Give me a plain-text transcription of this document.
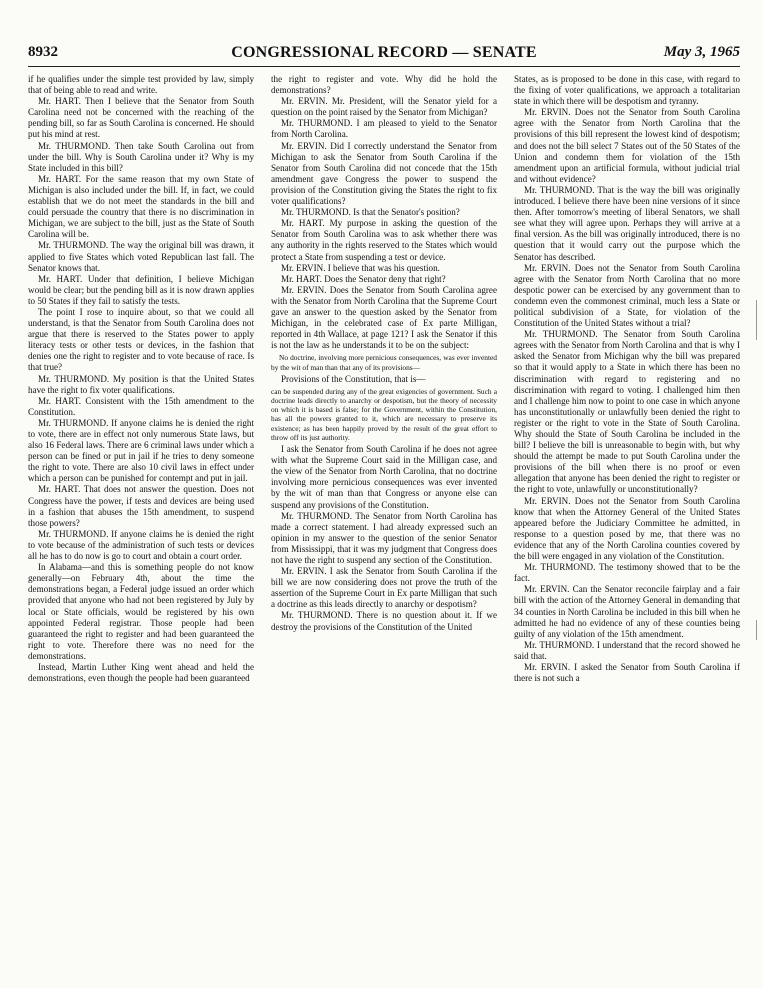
8932	CONGRESSIONAL RECORD — SENATE	May 3, 1965

if he qualifies under the simple test provided by law, simply that of being able to read and write.

Mr. HART. Then I believe that the Senator from South Carolina need not be concerned with the reaching of the pending bill, so far as South Carolina is concerned. He should put his mind at rest.

Mr. THURMOND. Then take South Carolina out from under the bill. Why is South Carolina under it? Why is my State included in this bill?

Mr. HART. For the same reason that my own State of Michigan is also included under the bill. If, in fact, we could establish that we do not meet the standards in the bill and could persuade the country that there is no discrimination in Michigan, we are subject to the bill, just as the State of South Carolina will be.

Mr. THURMOND. The way the original bill was drawn, it applied to five States which voted Republican last fall. The Senator knows that.

Mr. HART. Under that definition, I believe Michigan would be clear; but the pending bill as it is now drawn applies to 50 States if they fail to satisfy the tests.

The point I rose to inquire about, so that we could all understand, is that the Senator from South Carolina does not argue that there is reserved to the States power to apply literacy tests or other tests or devices, in the fashion that denies one the right to register and to vote because of race. Is that true?

Mr. THURMOND. My position is that the United States have the right to fix voter qualifications.

Mr. HART. Consistent with the 15th amendment to the Constitution.

Mr. THURMOND. If anyone claims he is denied the right to vote, there are in effect not only numerous State laws, but also 16 Federal laws. There are 6 criminal laws under which a person can be fined or put in jail if he tries to deny someone the right to vote. There are also 10 civil laws in effect under which a person can be punished for contempt and put in jail.

Mr. HART. That does not answer the question. Does not Congress have the power, if tests and devices are being used in a fashion that abuses the 15th amendment, to suspend those powers?

Mr. THURMOND. If anyone claims he is denied the right to vote because of the administration of such tests or devices all he has to do now is go to court and obtain a court order.

In Alabama—and this is something people do not know generally—on February 4th, about the time the demonstrations began, a Federal judge issued an order which provided that anyone who had not been registered by July by local or State officials, would be registered by his own appointed Federal registrar. Those people had been guaranteed the right to register and had been guaranteed the right to vote. Therefore there was no need for the demonstrations.

Instead, Martin Luther King went ahead and held the demonstrations, even though the people had been guaranteed

the right to register and vote. Why did he hold the demonstrations?

Mr. ERVIN. Mr. President, will the Senator yield for a question on the point raised by the Senator from Michigan?

Mr. THURMOND. I am pleased to yield to the Senator from North Carolina.

Mr. ERVIN. Did I correctly understand the Senator from Michigan to ask the Senator from South Carolina if the Senator from South Carolina did not concede that the 15th amendment gave Congress the power to suspend the provision of the Constitution giving the States the right to fix voter qualifications?

Mr. THURMOND. Is that the Senator's position?

Mr. HART. My purpose in asking the question of the Senator from South Carolina was to ask whether there was any authority in the rights reserved to the States which would protect a State from suspending a test or device.

Mr. ERVIN. I believe that was his question.

Mr. HART. Does the Senator deny that right?

Mr. ERVIN. Does the Senator from South Carolina agree with the Senator from North Carolina that the Supreme Court gave an answer to the question asked by the Senator from Michigan, in the celebrated case of Ex parte Milligan, reported in 4th Wallace, at page 121? I ask the Senator if this is not the law as he understands it to be on the subject:

No doctrine, involving more pernicious consequences, was ever invented by the wit of man than that any of its provisions—

Provisions of the Constitution, that is—

can be suspended during any of the great exigencies of government. Such a doctrine leads directly to anarchy or despotism, but the theory of necessity on which it is based is false; for the Government, within the Constitution, has all the powers granted to it, which are necessary to preserve its existence; as has been happily proved by the result of the great effort to throw off its just authority.

I ask the Senator from South Carolina if he does not agree with what the Supreme Court said in the Milligan case, and the view of the Senator from North Carolina, that no doctrine involving more pernicious consequences was ever invented by the wit of man than that Congress or anyone else can suspend any provisions of the Constitution.

Mr. THURMOND. The Senator from North Carolina has made a correct statement. I had already expressed such an opinion in my answer to the question of the senior Senator from Mississippi, that it was my judgment that Congress does not have the right to suspend any section of the Constitution.

Mr. ERVIN. I ask the Senator from South Carolina if the bill we are now considering does not prove the truth of the assertion of the Supreme Court in Ex parte Milligan that such a doctrine as this leads directly to anarchy or despotism?

Mr. THURMOND. There is no question about it. If we destroy the provisions of the Constitution of the United

States, as is proposed to be done in this case, with regard to the fixing of voter qualifications, we approach a totalitarian state in which there will be despotism and tyranny.

Mr. ERVIN. Does not the Senator from South Carolina agree with the Senator from North Carolina that the provisions of this bill represent the lowest kind of despotism; and does not the bill select 7 States out of the 50 States of the Union and condemn them for violation of the 15th amendment upon an artificial formula, without judicial trial and without evidence?

Mr. THURMOND. That is the way the bill was originally introduced. I believe there have been nine versions of it since then. After tomorrow's meeting of liberal Senators, we shall see what they will agree upon. Perhaps they will arrive at a final version. As the bill was originally introduced, there is no question that it would carry out the purpose which the Senator has described.

Mr. ERVIN. Does not the Senator from South Carolina agree with the Senator from North Carolina that no more despotic power can be exercised by any government than to condemn even the commonest criminal, much less a State or political subdivision of a State, for violation of the Constitution of the United States without a trial?

Mr. THURMOND. The Senator from South Carolina agrees with the Senator from North Carolina and that is why I asked the Senator from Michigan why the bill was prepared so that it would apply to a State in which there has been no discrimination with regard to registering and no discrimination with regard to voting. I challenged him then and I challenge him now to point to one case in which anyone has unconstitutionally or unlawfully been denied the right to register or the right to vote in the State of South Carolina. Why should the State of South Carolina be included in the bill? I believe the bill is unreasonable to begin with, but why should the attempt be made to put South Carolina under the provisions of the bill when there is no proof or even allegation that anyone has been denied the right to register or the right to vote, unlawfully or unconstitutionally?

Mr. ERVIN. Does not the Senator from South Carolina know that when the Attorney General of the United States appeared before the Judiciary Committee he admitted, in response to a question posed by me, that there was no evidence that any of the North Carolina counties covered by the bill were engaged in any violation of the Constitution.

Mr. THURMOND. The testimony showed that to be the fact.

Mr. ERVIN. Can the Senator reconcile fairplay and a fair bill with the action of the Attorney General in demanding that 34 counties in North Carolina be included in this bill when he admitted he had no evidence of any of these counties being guilty of any violation of the 15th amendment.

Mr. THURMOND. I understand that the record showed he said that.

Mr. ERVIN. I asked the Senator from South Carolina if there is not such a
